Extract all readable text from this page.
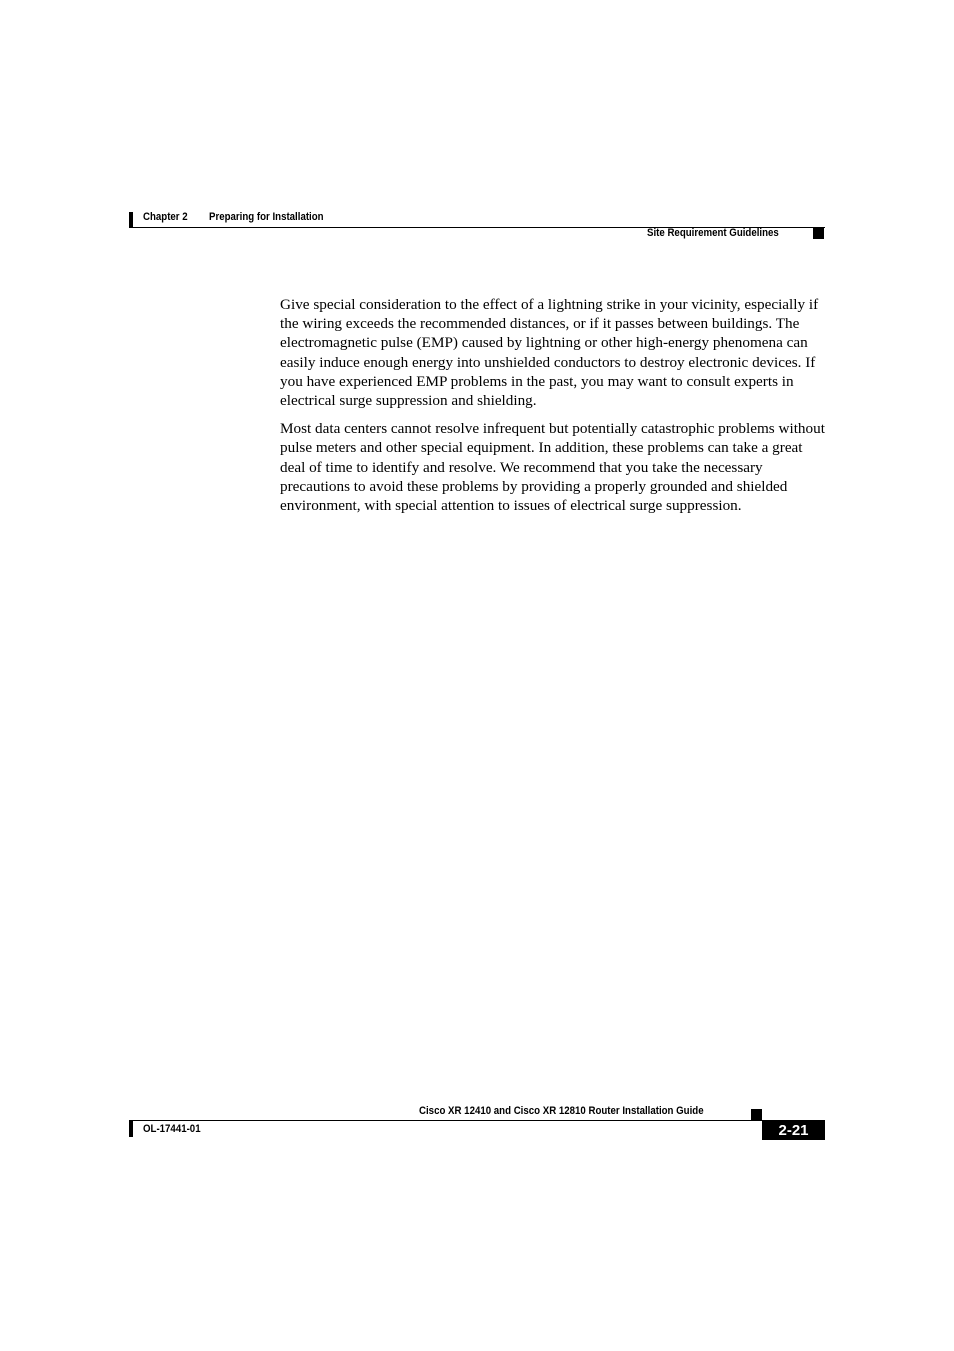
Chapter 2 Preparing for Installation
Site Requirement Guidelines

Give special consideration to the effect of a lightning strike in your vicinity, especially if the wiring exceeds the recommended distances, or if it passes between buildings. The electromagnetic pulse (EMP) caused by lightning or other high-energy phenomena can easily induce enough energy into unshielded conductors to destroy electronic devices. If you have experienced EMP problems in the past, you may want to consult experts in electrical surge suppression and shielding.

Most data centers cannot resolve infrequent but potentially catastrophic problems without pulse meters and other special equipment. In addition, these problems can take a great deal of time to identify and resolve. We recommend that you take the necessary precautions to avoid these problems by providing a properly grounded and shielded environment, with special attention to issues of electrical surge suppression.

Cisco XR 12410 and Cisco XR 12810 Router Installation Guide
OL-17441-01	2-21
